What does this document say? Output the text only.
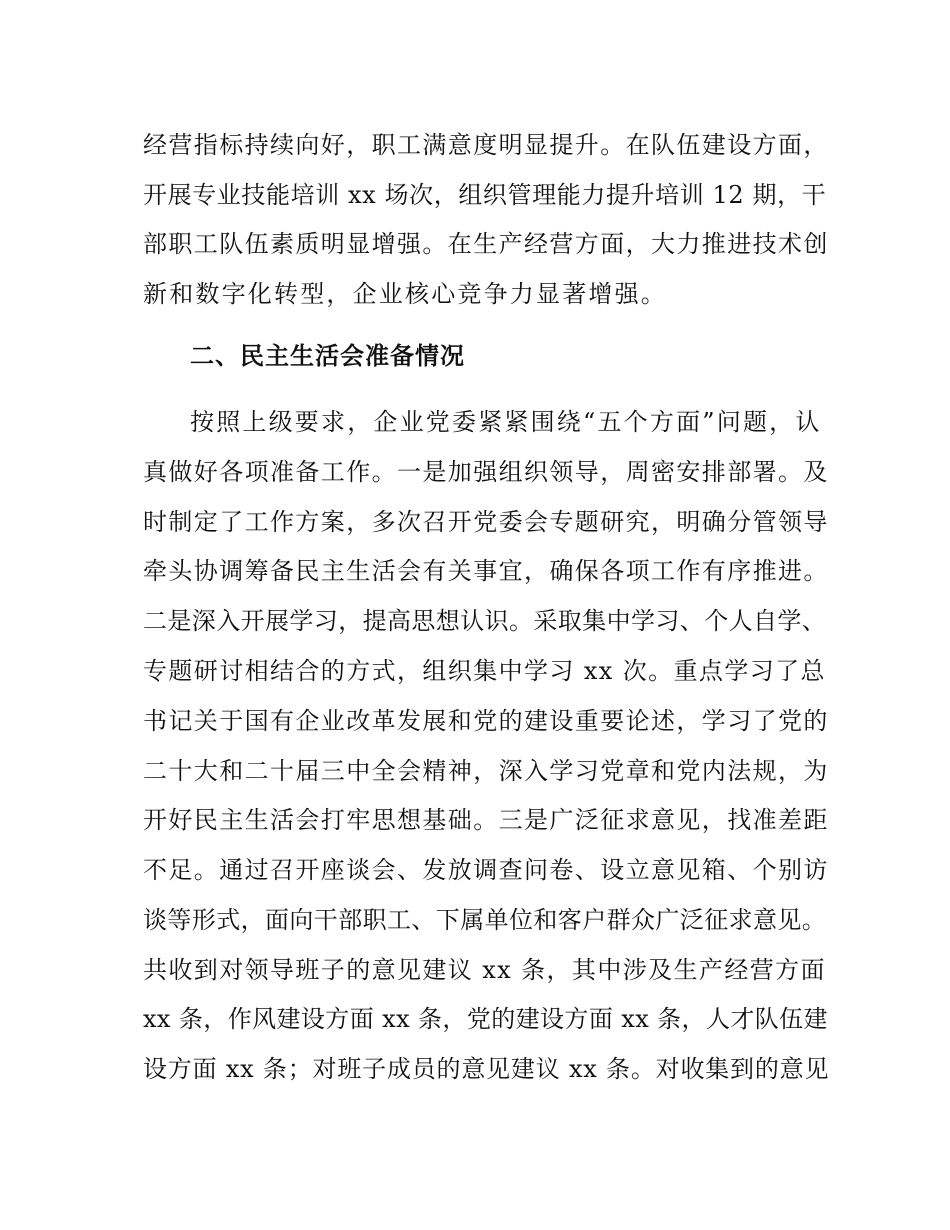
经营指标持续向好，职工满意度明显提升。在队伍建设方面，
开展专业技能培训 xx 场次，组织管理能力提升培训 12 期，干
部职工队伍素质明显增强。在生产经营方面，大力推进技术创
新和数字化转型，企业核心竞争力显著增强。
二、民主生活会准备情况
按照上级要求，企业党委紧紧围绕“五个方面”问题，认
真做好各项准备工作。一是加强组织领导，周密安排部署。及
时制定了工作方案，多次召开党委会专题研究，明确分管领导
牵头协调筹备民主生活会有关事宜，确保各项工作有序推进。
二是深入开展学习，提高思想认识。采取集中学习、个人自学、
专题研讨相结合的方式，组织集中学习 xx 次。重点学习了总
书记关于国有企业改革发展和党的建设重要论述，学习了党的
二十大和二十届三中全会精神，深入学习党章和党内法规，为
开好民主生活会打牢思想基础。三是广泛征求意见，找准差距
不足。通过召开座谈会、发放调查问卷、设立意见箱、个别访
谈等形式，面向干部职工、下属单位和客户群众广泛征求意见。
共收到对领导班子的意见建议 xx 条，其中涉及生产经营方面
xx 条，作风建设方面 xx 条，党的建设方面 xx 条，人才队伍建
设方面 xx 条；对班子成员的意见建议 xx 条。对收集到的意见
